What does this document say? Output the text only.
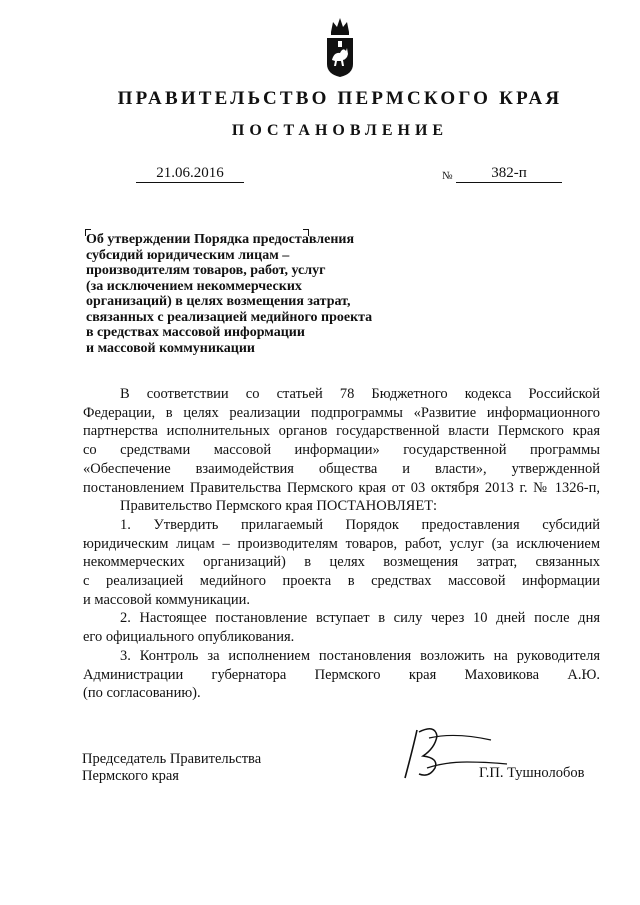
ПРАВИТЕЛЬСТВО ПЕРМСКОГО КРАЯ
ПОСТАНОВЛЕНИЕ
21.06.2016	№	382-п
Об утверждении Порядка предоставления
субсидий юридическим лицам –
производителям товаров, работ, услуг
(за исключением некоммерческих
организаций) в целях возмещения затрат,
связанных с реализацией медийного проекта
в средствах массовой информации
и массовой коммуникации
В соответствии со статьей 78 Бюджетного кодекса Российской
Федерации, в целях реализации подпрограммы «Развитие информационного
партнерства исполнительных органов государственной власти Пермского края
со средствами массовой информации» государственной программы
«Обеспечение взаимодействия общества и власти», утвержденной
постановлением Правительства Пермского края от 03 октября 2013 г. № 1326-п,
Правительство Пермского края ПОСТАНОВЛЯЕТ:
1. Утвердить прилагаемый Порядок предоставления субсидий
юридическим лицам – производителям товаров, работ, услуг (за исключением
некоммерческих организаций) в целях возмещения затрат, связанных
с реализацией медийного проекта в средствах массовой информации
и массовой коммуникации.
2. Настоящее постановление вступает в силу через 10 дней после дня
его официального опубликования.
3. Контроль за исполнением постановления возложить на руководителя
Администрации губернатора Пермского края Маховикова А.Ю.
(по согласованию).
Председатель Правительства
Пермского края	Г.П. Тушнолобов
